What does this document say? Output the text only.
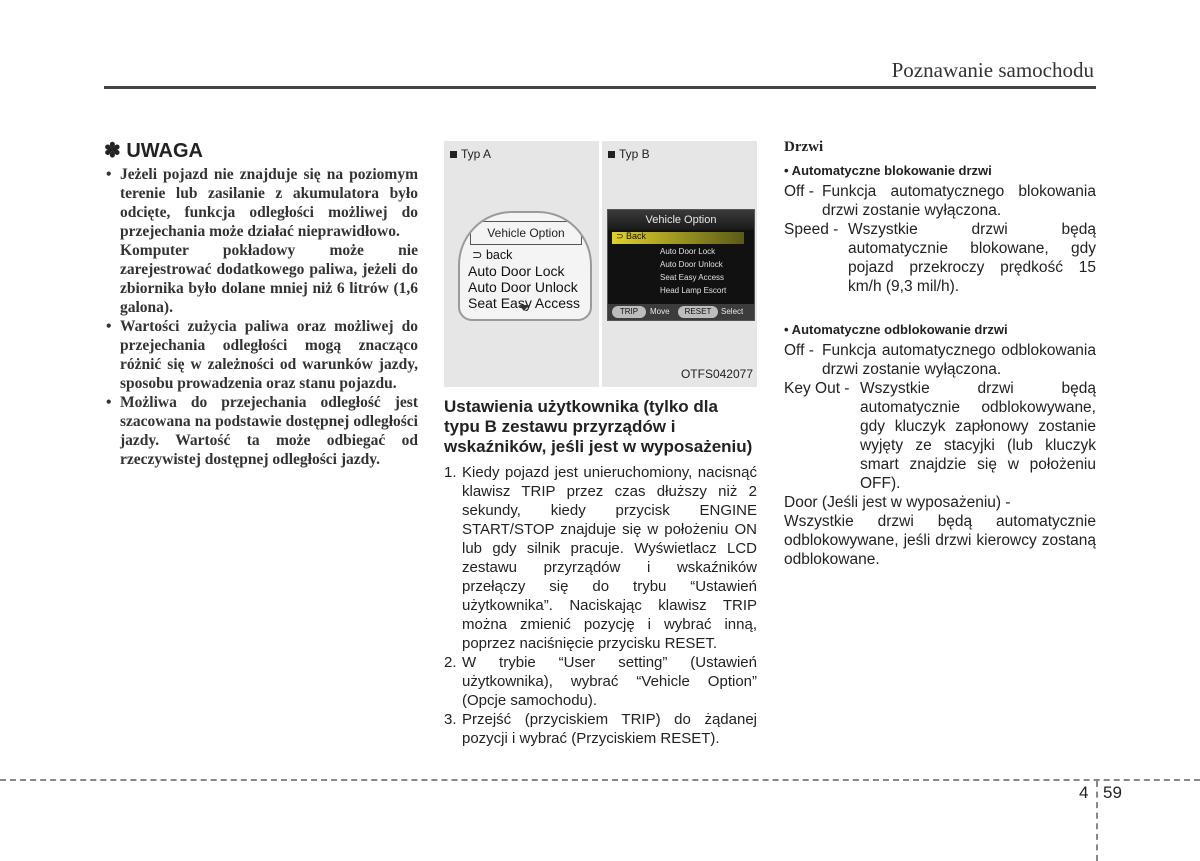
Poznawanie samochodu
✽ UWAGA

• Jeżeli pojazd nie znajduje się na poziomym terenie lub zasilanie z akumulatora było odcięte, funkcja odległości możliwej do przejechania może działać nieprawidłowo.

Komputer pokładowy może nie zarejestrować dodatkowego paliwa, jeżeli do zbiornika było dolane mniej niż 6 litrów (1,6 galona).

• Wartości zużycia paliwa oraz możliwej do przejechania odległości mogą znacząco różnić się w zależności od warunków jazdy, sposobu prowadzenia oraz stanu pojazdu.

• Możliwa do przejechania odległość jest szacowana na podstawie dostępnej odległości jazdy. Wartość ta może odbiegać od rzeczywistej dostępnej odległości jazdy.

Typ A
Vehicle Option
⊃ back
Auto Door Lock
Auto Door Unlock
Seat Easy Access
Typ B
Vehicle Option
⊃ Back
Auto Door Lock
Auto Door Unlock
Seat Easy Access
Head Lamp Escort
TRIP	Move	RESET	Select
OTFS042077
Ustawienia użytkownika (tylko dla typu B zestawu przyrządów i wskaźników, jeśli jest w wyposażeniu)
1. Kiedy pojazd jest unieruchomiony, nacisnąć klawisz TRIP przez czas dłuższy niż 2 sekundy, kiedy przycisk ENGINE START/STOP znajduje się w położeniu ON lub gdy silnik pracuje. Wyświetlacz LCD zestawu przyrządów i wskaźników przełączy się do trybu “Ustawień użytkownika”. Naciskając klawisz TRIP można zmienić pozycję i wybrać inną, poprzez naciśnięcie przycisku RESET.
2. W trybie “User setting” (Ustawień użytkownika), wybrać “Vehicle Option” (Opcje samochodu).
3. Przejść (przyciskiem TRIP) do żądanej pozycji i wybrać (Przyciskiem RESET).
Drzwi
• Automatyczne blokowanie drzwi
Off - Funkcja automatycznego blokowania drzwi zostanie wyłączona.
Speed - Wszystkie drzwi będą automatycznie blokowane, gdy pojazd przekroczy prędkość 15 km/h (9,3 mil/h).
• Automatyczne odblokowanie drzwi
Off - Funkcja automatycznego odblokowania drzwi zostanie wyłączona.
Key Out - Wszystkie drzwi będą automatycznie odblokowywane, gdy kluczyk zapłonowy zostanie wyjęty ze stacyjki (lub kluczyk smart znajdzie się w położeniu OFF).

Door (Jeśli jest w wyposażeniu) -

Wszystkie drzwi będą automatycznie odblokowywane, jeśli drzwi kierowcy zostaną odblokowane.

4 59
